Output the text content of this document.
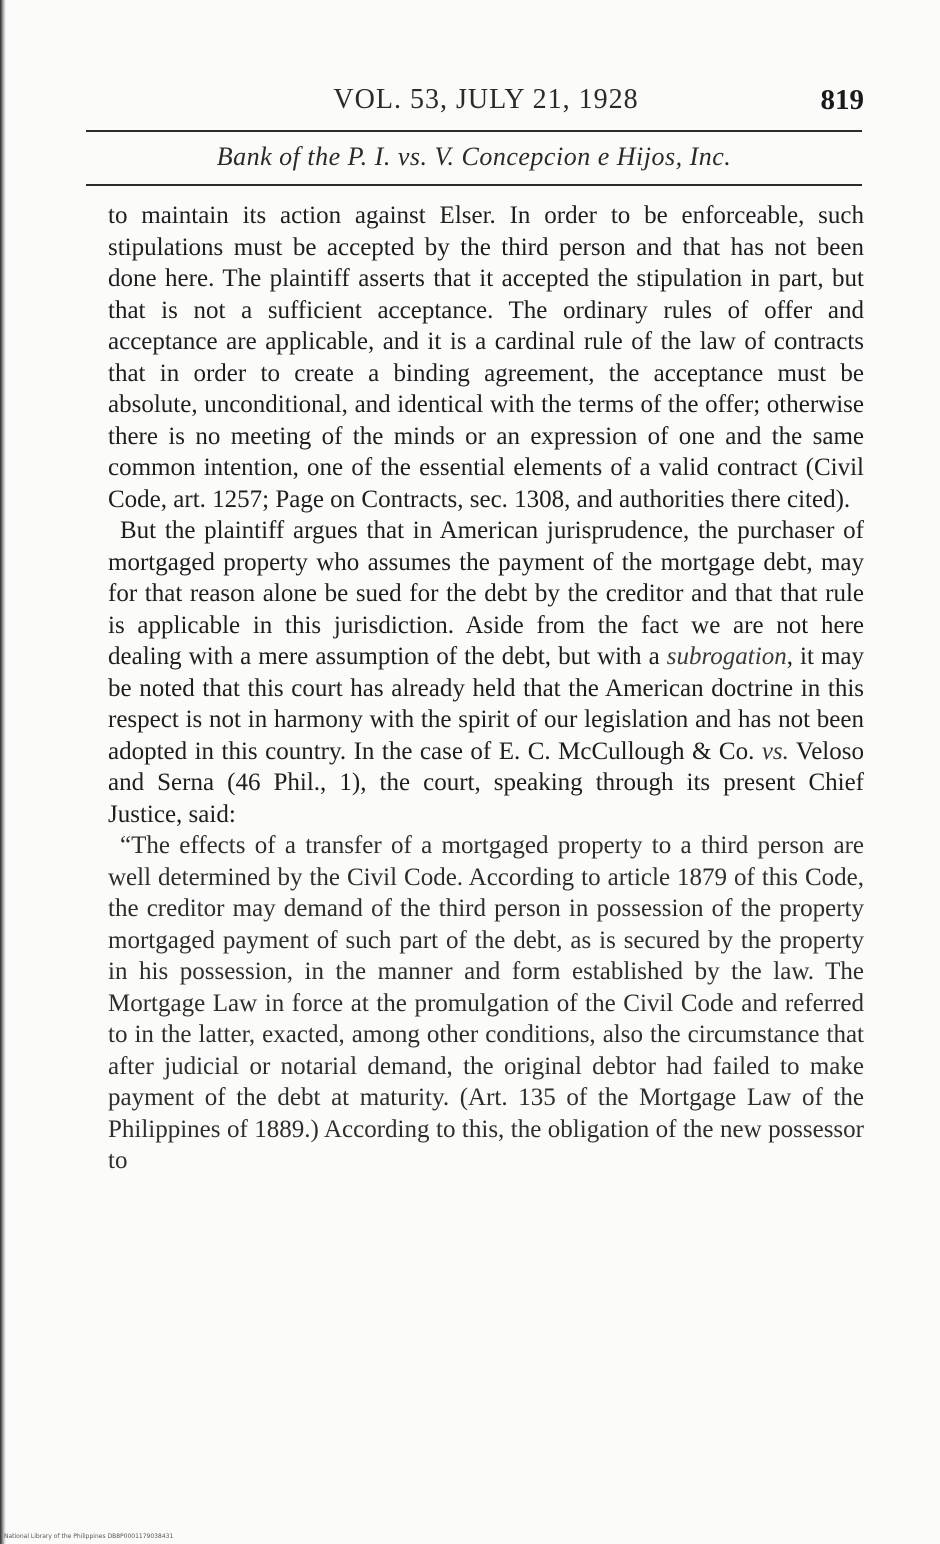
VOL. 53, JULY 21, 1928	819
Bank of the P. I. vs. V. Concepcion e Hijos, Inc.

to maintain its action against Elser. In order to be enforceable, such stipulations must be accepted by the third person and that has not been done here. The plaintiff asserts that it accepted the stipulation in part, but that is not a sufficient acceptance. The ordinary rules of offer and acceptance are applicable, and it is a cardinal rule of the law of contracts that in order to create a binding agreement, the acceptance must be absolute, unconditional, and identical with the terms of the offer; otherwise there is no meeting of the minds or an expression of one and the same common intention, one of the essential elements of a valid contract (Civil Code, art. 1257; Page on Contracts, sec. 1308, and authorities there cited).

But the plaintiff argues that in American jurisprudence, the purchaser of mortgaged property who assumes the payment of the mortgage debt, may for that reason alone be sued for the debt by the creditor and that that rule is applicable in this jurisdiction. Aside from the fact we are not here dealing with a mere assumption of the debt, but with a subrogation, it may be noted that this court has already held that the American doctrine in this respect is not in harmony with the spirit of our legislation and has not been adopted in this country. In the case of E. C. McCullough & Co. vs. Veloso and Serna (46 Phil., 1), the court, speaking through its present Chief Justice, said:

“The effects of a transfer of a mortgaged property to a third person are well determined by the Civil Code. According to article 1879 of this Code, the creditor may demand of the third person in possession of the property mortgaged payment of such part of the debt, as is secured by the property in his possession, in the manner and form established by the law. The Mortgage Law in force at the promulgation of the Civil Code and referred to in the latter, exacted, among other conditions, also the circumstance that after judicial or notarial demand, the original debtor had failed to make payment of the debt at maturity. (Art. 135 of the Mortgage Law of the Philippines of 1889.) According to this, the obligation of the new possessor to

National Library of the Philippines DB8P0001179038431
